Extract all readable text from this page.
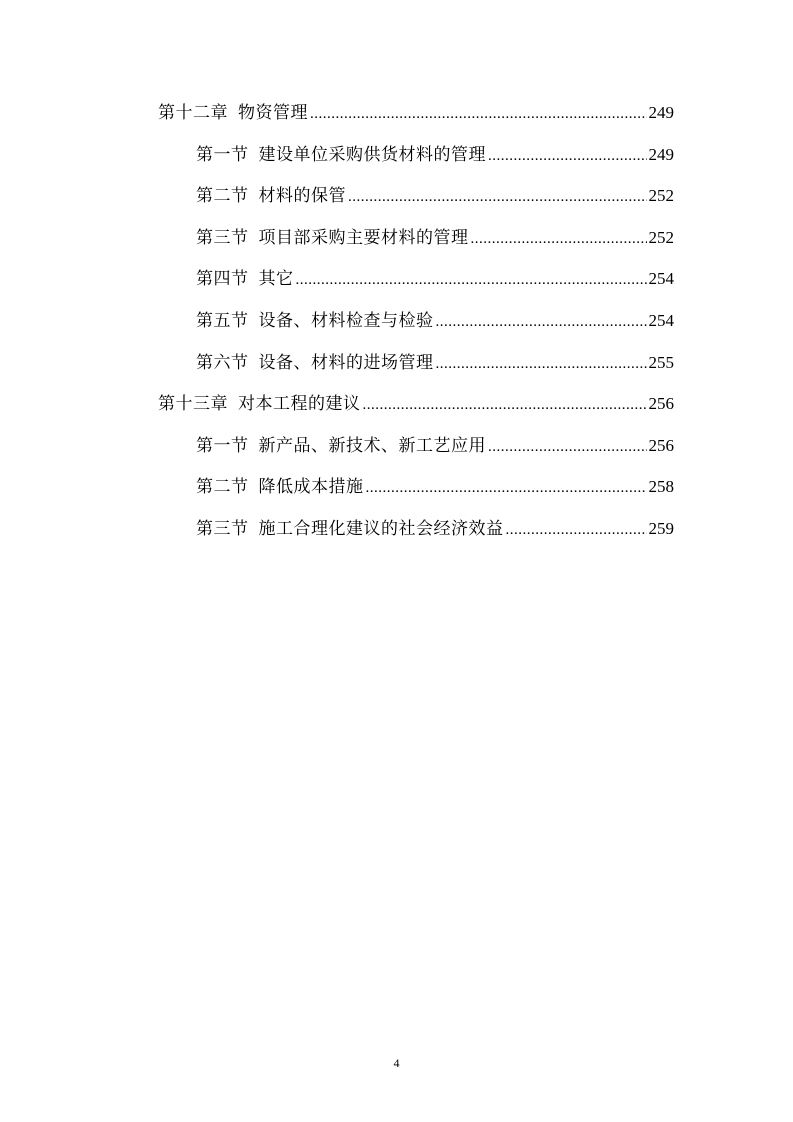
第十二章 物资管理 .....	249
第一节 建设单位采购供货材料的管理 .....	249
第二节 材料的保管 .....	252
第三节 项目部采购主要材料的管理 .....	252
第四节 其它 .....	254
第五节 设备、材料检查与检验 .....	254
第六节 设备、材料的进场管理 .....	255
第十三章 对本工程的建议 .....	256
第一节 新产品、新技术、新工艺应用 .....	256
第二节 降低成本措施 .....	258
第三节 施工合理化建议的社会经济效益 .....	259
4
